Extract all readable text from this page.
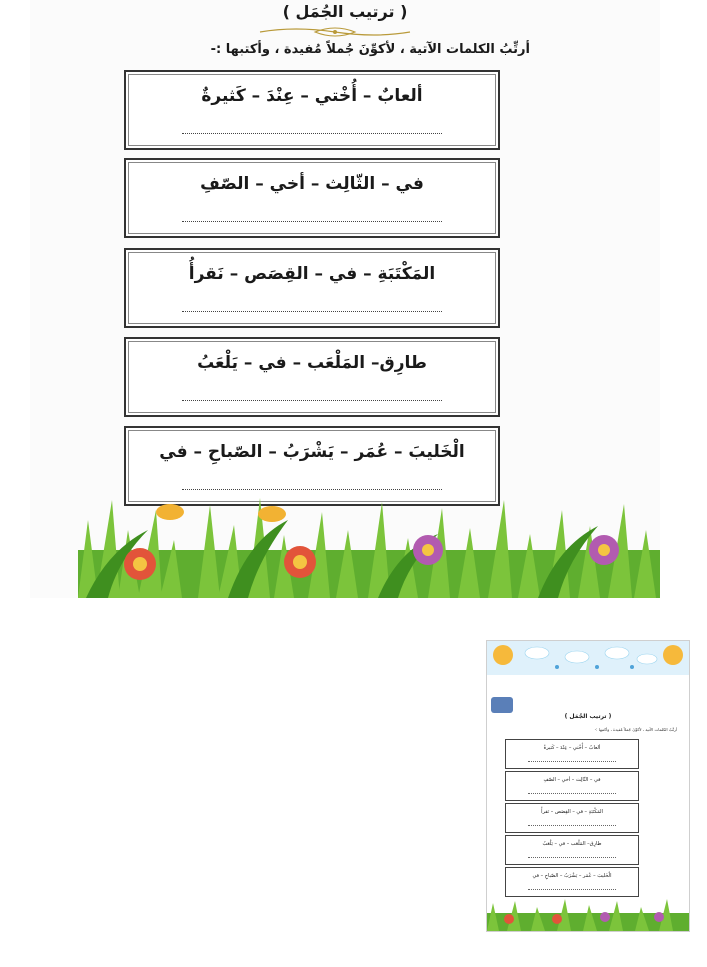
( ترتيب الجُمَل )
أرتِّبُ الكلمات الآتية ، لأكوِّنَ جُملاً مُفيدة ، وأكتبها :-
ألعابٌ – أُخْتي – عِنْدَ – كَثيرةٌ
في – الثّالِث – أخي – الصّفِ
المَكْتَبَةِ – في – القِصَص – نَقرأُ
طارِق– المَلْعَب – في – يَلْعَبُ
الْخَليبَ – عُمَر – يَشْرَبُ – الصّباحِ – في
( ترتيب الجُمَل )
أرتِّبُ الكلمات الآتية ، لأكوِّنَ جُملاً مُفيدة ، وأكتبها :-
ألعابٌ – أُخْتي – عِنْدَ – كَثيرةٌ
في – الثّالِث – أخي – الصّفِ
المَكْتَبَةِ – في – القِصَص – نَقرأُ
طارِق– المَلْعَب – في – يَلْعَبُ
الْخَليبَ – عُمَر – يَشْرَبُ – الصّباحِ – في
